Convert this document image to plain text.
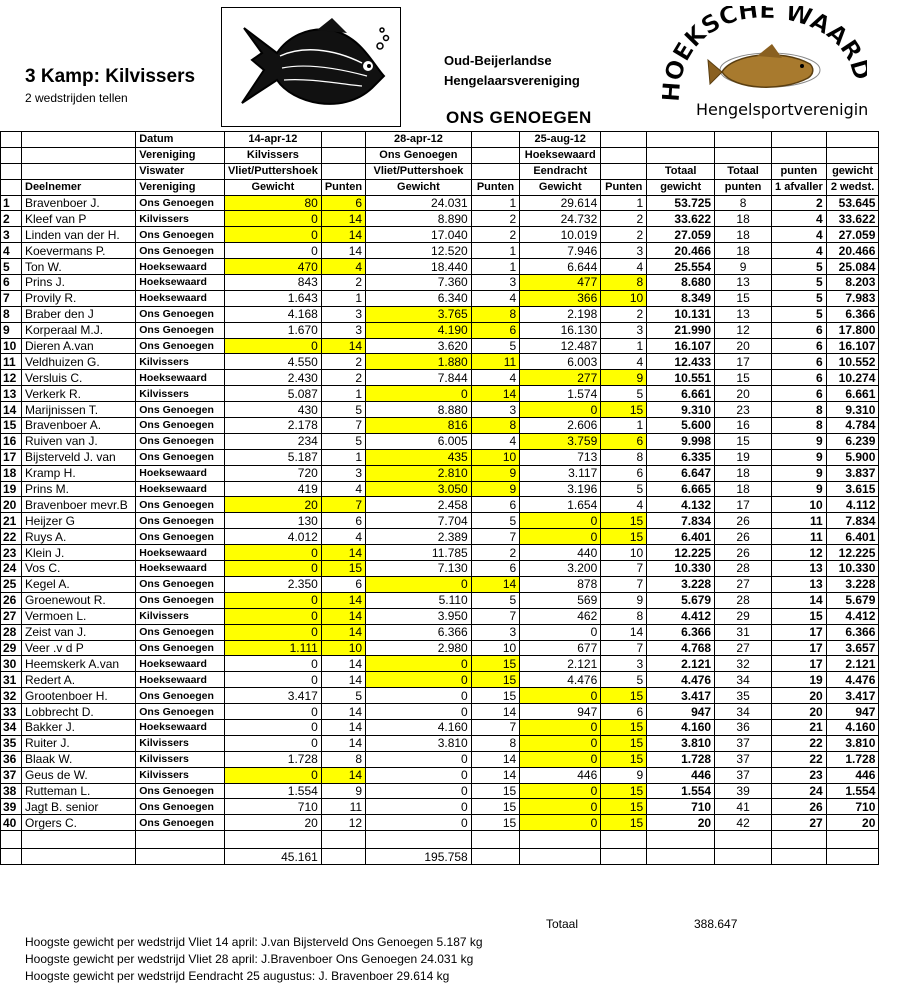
3 Kamp: Kilvissers
2 wedstrijden tellen
Oud-Beijerlandse
Hengelaarsvereniging
ONS GENOEGEN
OEKSCHE WAAR
Hengelsportvereniging
		Datum	14-apr-12		28-apr-12		25-aug-12					
		Vereniging	Kilvissers		Ons Genoegen		Hoeksewaard					
		Viswater	Vliet/Puttershoek		Vliet/Puttershoek		Eendracht		Totaal	Totaal	punten	gewicht
	Deelnemer	Vereniging	Gewicht	Punten	Gewicht	Punten	Gewicht	Punten	gewicht	punten	1 afvaller	2 wedst.
1	Bravenboer J.	Ons Genoegen	80	6	24.031	1	29.614	1	53.725	8	2	53.645
2	Kleef van P	Kilvissers	0	14	8.890	2	24.732	2	33.622	18	4	33.622
3	Linden van der H.	Ons Genoegen	0	14	17.040	2	10.019	2	27.059	18	4	27.059
4	Koevermans P.	Ons Genoegen	0	14	12.520	1	7.946	3	20.466	18	4	20.466
5	Ton W.	Hoeksewaard	470	4	18.440	1	6.644	4	25.554	9	5	25.084
6	Prins J.	Hoeksewaard	843	2	7.360	3	477	8	8.680	13	5	8.203
7	Provily R.	Hoeksewaard	1.643	1	6.340	4	366	10	8.349	15	5	7.983
8	Braber den J	Ons Genoegen	4.168	3	3.765	8	2.198	2	10.131	13	5	6.366
9	Korperaal M.J.	Ons Genoegen	1.670	3	4.190	6	16.130	3	21.990	12	6	17.800
10	Dieren A.van	Ons Genoegen	0	14	3.620	5	12.487	1	16.107	20	6	16.107
11	Veldhuizen G.	Kilvissers	4.550	2	1.880	11	6.003	4	12.433	17	6	10.552
12	Versluis C.	Hoeksewaard	2.430	2	7.844	4	277	9	10.551	15	6	10.274
13	Verkerk R.	Kilvissers	5.087	1	0	14	1.574	5	6.661	20	6	6.661
14	Marijnissen T.	Ons Genoegen	430	5	8.880	3	0	15	9.310	23	8	9.310
15	Bravenboer A.	Ons Genoegen	2.178	7	816	8	2.606	1	5.600	16	8	4.784
16	Ruiven van J.	Ons Genoegen	234	5	6.005	4	3.759	6	9.998	15	9	6.239
17	Bijsterveld J. van	Ons Genoegen	5.187	1	435	10	713	8	6.335	19	9	5.900
18	Kramp H.	Hoeksewaard	720	3	2.810	9	3.117	6	6.647	18	9	3.837
19	Prins M.	Hoeksewaard	419	4	3.050	9	3.196	5	6.665	18	9	3.615
20	Bravenboer mevr.B	Ons Genoegen	20	7	2.458	6	1.654	4	4.132	17	10	4.112
21	Heijzer G	Ons Genoegen	130	6	7.704	5	0	15	7.834	26	11	7.834
22	Ruys A.	Ons Genoegen	4.012	4	2.389	7	0	15	6.401	26	11	6.401
23	Klein J.	Hoeksewaard	0	14	11.785	2	440	10	12.225	26	12	12.225
24	Vos C.	Hoeksewaard	0	15	7.130	6	3.200	7	10.330	28	13	10.330
25	Kegel A.	Ons Genoegen	2.350	6	0	14	878	7	3.228	27	13	3.228
26	Groenewout R.	Ons Genoegen	0	14	5.110	5	569	9	5.679	28	14	5.679
27	Vermoen L.	Kilvissers	0	14	3.950	7	462	8	4.412	29	15	4.412
28	Zeist van J.	Ons Genoegen	0	14	6.366	3	0	14	6.366	31	17	6.366
29	Veer .v d P	Ons Genoegen	1.111	10	2.980	10	677	7	4.768	27	17	3.657
30	Heemskerk A.van	Hoeksewaard	0	14	0	15	2.121	3	2.121	32	17	2.121
31	Redert A.	Hoeksewaard	0	14	0	15	4.476	5	4.476	34	19	4.476
32	Grootenboer H.	Ons Genoegen	3.417	5	0	15	0	15	3.417	35	20	3.417
33	Lobbrecht D.	Ons Genoegen	0	14	0	14	947	6	947	34	20	947
34	Bakker J.	Hoeksewaard	0	14	4.160	7	0	15	4.160	36	21	4.160
35	Ruiter J.	Kilvissers	0	14	3.810	8	0	15	3.810	37	22	3.810
36	Blaak W.	Kilvissers	1.728	8	0	14	0	15	1.728	37	22	1.728
37	Geus de W.	Kilvissers	0	14	0	14	446	9	446	37	23	446
38	Rutteman L.	Ons Genoegen	1.554	9	0	15	0	15	1.554	39	24	1.554
39	Jagt B. senior	Ons Genoegen	710	11	0	15	0	15	710	41	26	710
40	Orgers C.	Ons Genoegen	20	12	0	15	0	15	20	42	27	20

			45.161		195.758							
Totaal	388.647
Hoogste gewicht per wedstrijd Vliet 14 april: J.van Bijsterveld Ons Genoegen 5.187 kg
Hoogste gewicht per wedstrijd Vliet 28 april: J.Bravenboer Ons Genoegen 24.031 kg
Hoogste gewicht per wedstrijd Eendracht 25 augustus: J. Bravenboer 29.614 kg
